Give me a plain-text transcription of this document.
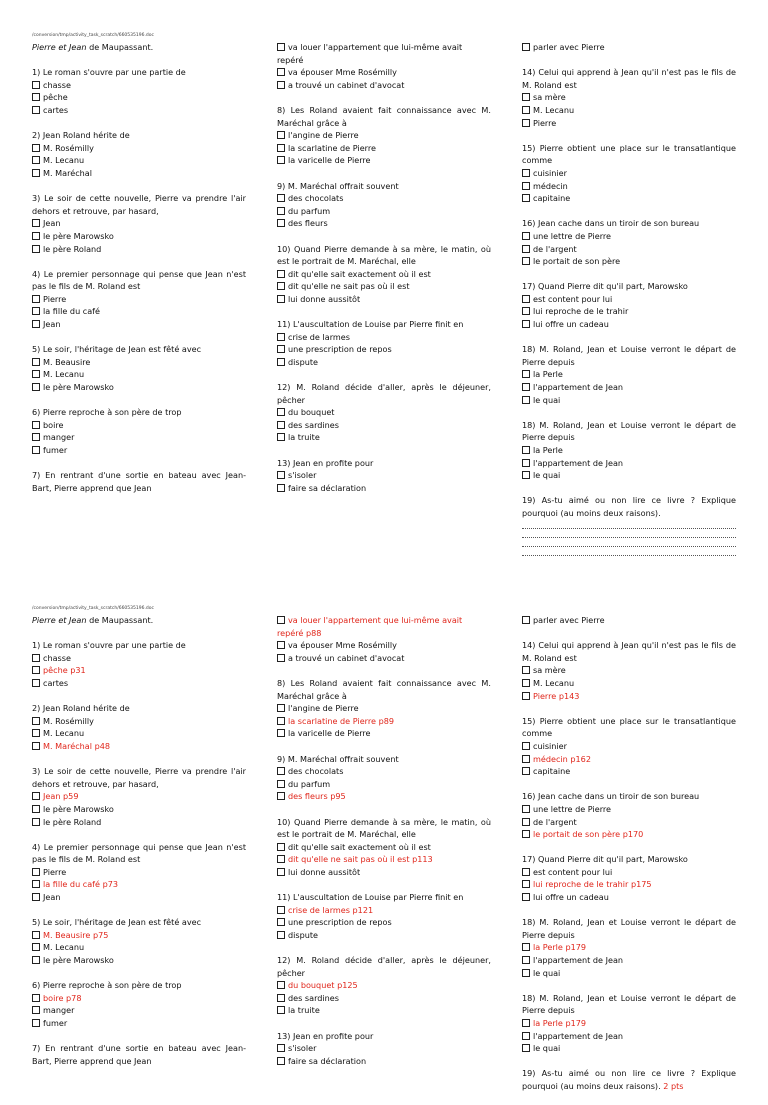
/conversion/tmp/activity_task_scratch/660535196.doc
Pierre et Jean de Maupassant.
1) Le roman s'ouvre par une partie de
chasse
pêche
cartes
2) Jean Roland hérite de
M. Rosémilly
M. Lecanu
M. Maréchal
3) Le soir de cette nouvelle, Pierre va prendre l'air dehors et retrouve, par hasard,
Jean
le père Marowsko
le père Roland
4) Le premier personnage qui pense que Jean n'est pas le fils de M. Roland est
Pierre
la fille du café
Jean
5) Le soir, l'héritage de Jean est fêté avec
M. Beausire
M. Lecanu
le père Marowsko
6) Pierre reproche à son père de trop
boire
manger
fumer
7) En rentrant d'une sortie en bateau avec Jean-Bart, Pierre apprend que Jean
va louer l'appartement que lui-même avait repéré
va épouser Mme Rosémilly
a trouvé un cabinet d'avocat
8) Les Roland avaient fait connaissance avec M. Maréchal grâce à
l'angine de Pierre
la scarlatine de Pierre
la varicelle de Pierre
9) M. Maréchal offrait souvent
des chocolats
du parfum
des fleurs
10) Quand Pierre demande à sa mère, le matin, où est le portrait de M. Maréchal, elle
dit qu'elle sait exactement où il est
dit qu'elle ne sait pas où il est
lui donne aussitôt
11) L'auscultation de Louise par Pierre finit en
crise de larmes
une prescription de repos
dispute
12) M. Roland décide d'aller, après le déjeuner, pêcher
du bouquet
des sardines
la truite
13) Jean en profite pour
s'isoler
faire sa déclaration
parler avec Pierre
14) Celui qui apprend à Jean qu'il n'est pas le fils de M. Roland est
sa mère
M. Lecanu
Pierre
15) Pierre obtient une place sur le transatlantique comme
cuisinier
médecin
capitaine
16) Jean cache dans un tiroir de son bureau
une lettre de Pierre
de l'argent
le portait de son père
17) Quand Pierre dit qu'il part, Marowsko
est content pour lui
lui reproche de le trahir
lui offre un cadeau
18) M. Roland, Jean et Louise verront le départ de Pierre depuis
la Perle
l'appartement de Jean
le quai
18) M. Roland, Jean et Louise verront le départ de Pierre depuis
la Perle
l'appartement de Jean
le quai
19) As-tu aimé ou non lire ce livre ? Explique pourquoi (au moins deux raisons).
/conversion/tmp/activity_task_scratch/660535196.doc
Pierre et Jean de Maupassant.
1) Le roman s'ouvre par une partie de
chasse
pêche p31
cartes
2) Jean Roland hérite de
M. Rosémilly
M. Lecanu
M. Maréchal p48
3) Le soir de cette nouvelle, Pierre va prendre l'air dehors et retrouve, par hasard,
Jean p59
le père Marowsko
le père Roland
4) Le premier personnage qui pense que Jean n'est pas le fils de M. Roland est
Pierre
la fille du café p73
Jean
5) Le soir, l'héritage de Jean est fêté avec
M. Beausire p75
M. Lecanu
le père Marowsko
6) Pierre reproche à son père de trop
boire p78
manger
fumer
7) En rentrant d'une sortie en bateau avec Jean-Bart, Pierre apprend que Jean
va louer l'appartement que lui-même avait repéré p88
va épouser Mme Rosémilly
a trouvé un cabinet d'avocat
8) Les Roland avaient fait connaissance avec M. Maréchal grâce à
l'angine de Pierre
la scarlatine de Pierre p89
la varicelle de Pierre
9) M. Maréchal offrait souvent
des chocolats
du parfum
des fleurs p95
10) Quand Pierre demande à sa mère, le matin, où est le portrait de M. Maréchal, elle
dit qu'elle sait exactement où il est
dit qu'elle ne sait pas où il est p113
lui donne aussitôt
11) L'auscultation de Louise par Pierre finit en
crise de larmes p121
une prescription de repos
dispute
12) M. Roland décide d'aller, après le déjeuner, pêcher
du bouquet p125
des sardines
la truite
13) Jean en profite pour
s'isoler
faire sa déclaration
parler avec Pierre
14) Celui qui apprend à Jean qu'il n'est pas le fils de M. Roland est
sa mère
M. Lecanu
Pierre p143
15) Pierre obtient une place sur le transatlantique comme
cuisinier
médecin p162
capitaine
16) Jean cache dans un tiroir de son bureau
une lettre de Pierre
de l'argent
le portait de son père p170
17) Quand Pierre dit qu'il part, Marowsko
est content pour lui
lui reproche de le trahir p175
lui offre un cadeau
18) M. Roland, Jean et Louise verront le départ de Pierre depuis
la Perle p179
l'appartement de Jean
le quai
18) M. Roland, Jean et Louise verront le départ de Pierre depuis
la Perle p179
l'appartement de Jean
le quai
19) As-tu aimé ou non lire ce livre ? Explique pourquoi (au moins deux raisons). 2 pts
